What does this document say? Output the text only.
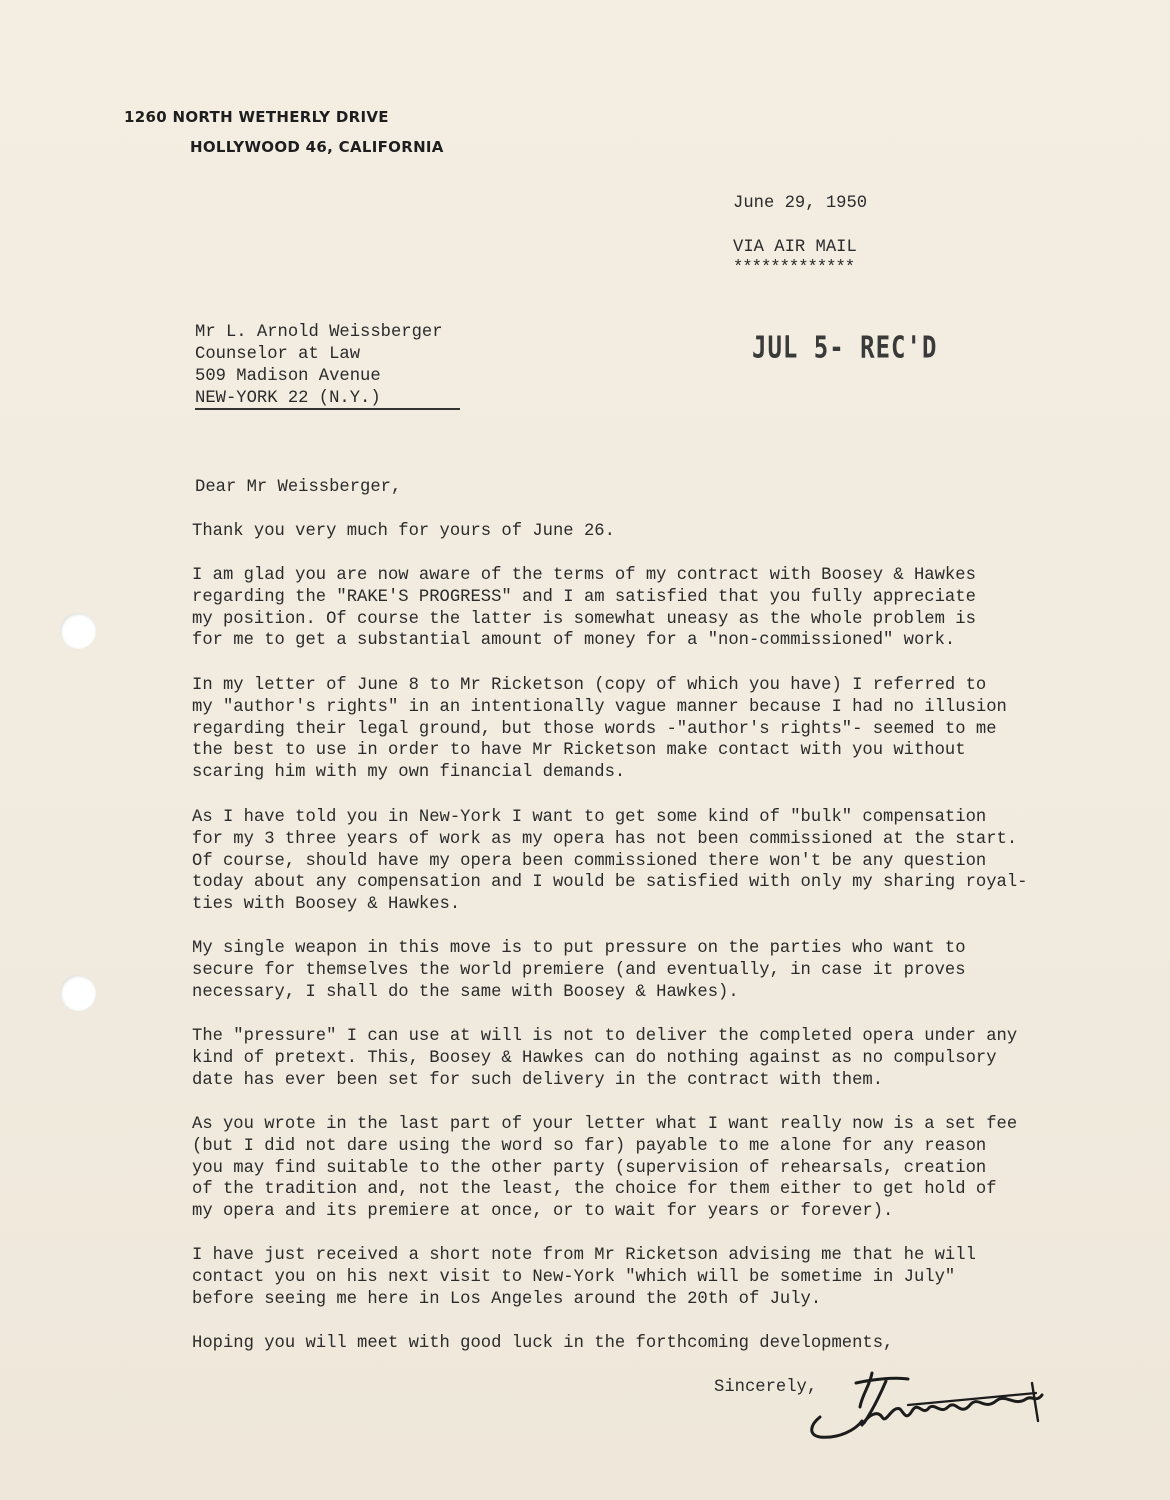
1260 NORTH WETHERLY DRIVE
HOLLYWOOD 46, CALIFORNIA
June 29, 1950
VIA AIR MAIL
*************
JUL 5- REC'D
Mr L. Arnold Weissberger
Counselor at Law
509 Madison Avenue
NEW-YORK 22 (N.Y.)
Dear Mr Weissberger,
Thank you very much for yours of June 26.
I am glad you are now aware of the terms of my contract with Boosey & Hawkes
regarding the "RAKE'S PROGRESS" and I am satisfied that you fully appreciate
my position. Of course the latter is somewhat uneasy as the whole problem is
for me to get a substantial amount of money for a "non-commissioned" work.
In my letter of June 8 to Mr Ricketson (copy of which you have) I referred to
my "author's rights" in an intentionally vague manner because I had no illusion
regarding their legal ground, but those words -"author's rights"- seemed to me
the best to use in order to have Mr Ricketson make contact with you without
scaring him with my own financial demands.
As I have told you in New-York I want to get some kind of "bulk" compensation
for my 3 three years of work as my opera has not been commissioned at the start.
Of course, should have my opera been commissioned there won't be any question
today about any compensation and I would be satisfied with only my sharing royal-
ties with Boosey & Hawkes.
My single weapon in this move is to put pressure on the parties who want to
secure for themselves the world premiere (and eventually, in case it proves
necessary, I shall do the same with Boosey & Hawkes).
The "pressure" I can use at will is not to deliver the completed opera under any
kind of pretext. This, Boosey & Hawkes can do nothing against as no compulsory
date has ever been set for such delivery in the contract with them.
As you wrote in the last part of your letter what I want really now is a set fee
(but I did not dare using the word so far) payable to me alone for any reason
you may find suitable to the other party (supervision of rehearsals, creation
of the tradition and, not the least, the choice for them either to get hold of
my opera and its premiere at once, or to wait for years or forever).
I have just received a short note from Mr Ricketson advising me that he will
contact you on his next visit to New-York "which will be sometime in July"
before seeing me here in Los Angeles around the 20th of July.
Hoping you will meet with good luck in the forthcoming developments,
Sincerely,
